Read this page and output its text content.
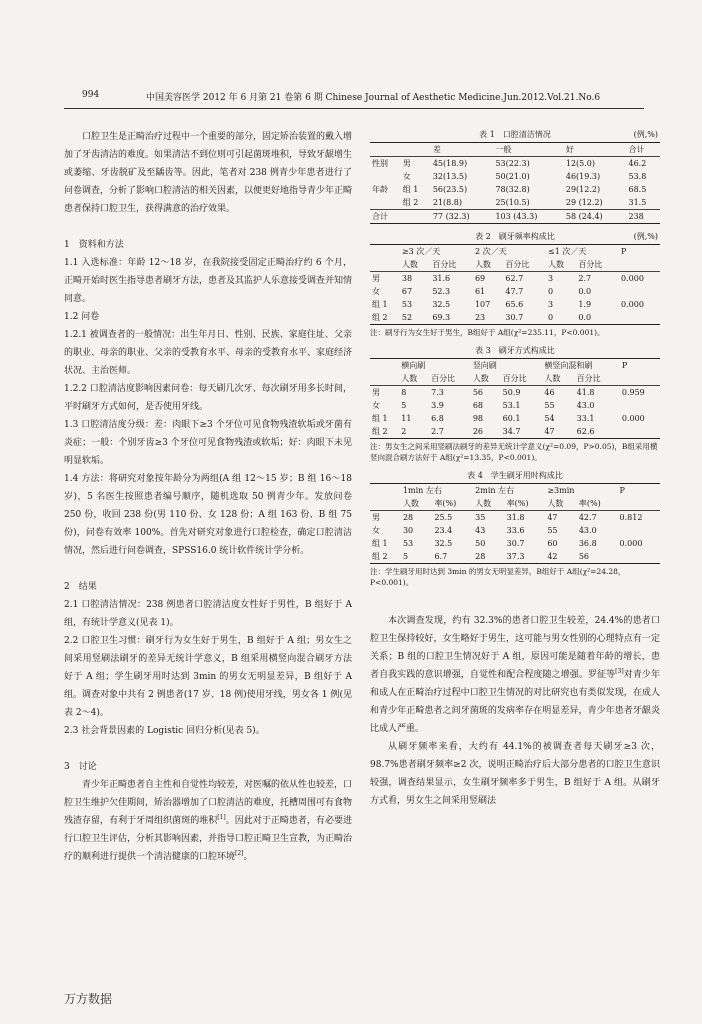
994	中国美容医学 2012 年 6 月第 21 卷第 6 期 Chinese Journal of Aesthetic Medicine.Jun.2012.Vol.21.No.6

口腔卫生是正畸治疗过程中一个重要的部分，固定矫治装置的戴入增加了牙齿清洁的难度。如果清洁不到位则可引起菌斑堆积，导致牙龈增生或萎缩、牙齿脱矿及至龋齿等。因此，笔者对 238 例青少年患者进行了问卷调查，分析了影响口腔清洁的相关因素，以便更好地指导青少年正畸患者保持口腔卫生，获得满意的治疗效果。

1　资料和方法

1.1 入选标准：年龄 12～18 岁，在我院接受固定正畸治疗约 6 个月，正畸开始时医生指导患者刷牙方法，患者及其监护人乐意接受调查并知情同意。

1.2 问卷

1.2.1 被调查者的一般情况：出生年月日、性别、民族、家庭住址、父亲的职业、母亲的职业、父亲的受教育水平、母亲的受教育水平、家庭经济状况、主治医师。

1.2.2 口腔清洁度影响因素问卷：每天刷几次牙、每次刷牙用多长时间，平时刷牙方式如何，是否使用牙线。

1.3 口腔清洁度分级：差：肉眼下≥3 个牙位可见食物残渣软垢或牙菌有炎症；一般：个别牙齿≥3 个牙位可见食物残渣或软垢；好：肉眼下未见明显软垢。

1.4 方法：将研究对象按年龄分为两组(A 组 12～15 岁；B 组 16～18 岁)，5 名医生按照患者编号顺序，随机选取 50 例青少年。发放问卷 250 份，收回 238 份(男 110 份、女 128 份；A 组 163 份、B 组 75 份)，问卷有效率 100%。首先对研究对象进行口腔检查，确定口腔清洁情况，然后进行问卷调查，SPSS16.0 统计软件统计学分析。

2　结果

2.1 口腔清洁情况：238 例患者口腔清洁度女性好于男性，B 组好于 A 组，有统计学意义(见表 1)。

2.2 口腔卫生习惯：刷牙行为女生好于男生，B 组好于 A 组；男女生之间采用竖刷法刷牙的差异无统计学意义，B 组采用横竖向混合刷牙方法好于 A 组；学生刷牙用时达到 3min 的男女无明显差异，B 组好于 A 组。调查对象中共有 2 例患者(17 岁、18 例)使用牙线，男女各 1 例(见表 2～4)。

2.3 社会背景因素的 Logistic 回归分析(见表 5)。

3　讨论

青少年正畸患者自主性和自觉性均较差，对医嘱的依从性也较差，口腔卫生维护欠佳期间，矫治器增加了口腔清洁的难度，托槽周围可有食物残渣存留，有利于牙周组织菌斑的堆积[1]。因此对于正畸患者，有必要进行口腔卫生评估，分析其影响因素，并指导口腔正畸卫生宣教，为正畸治疗的顺利进行提供一个清洁健康的口腔环境[2]。

表 1　口腔清洁情况	(例,%)
		差	一般	好	合计
性别	男	45(18.9)	53(22.3)	12(5.0)	46.2
	女	32(13.5)	50(21.0)	46(19.3)	53.8
年龄	组 1	56(23.5)	78(32.8)	29(12.2)	68.5
	组 2	21(8.8)	25(10.5)	29 (12.2)	31.5
合计		77 (32.3)	103 (43.3)	58 (24.4)	238
表 2　刷牙频率构成比	(例,%)
	≥3 次／天		2 次／天		≤1 次／天		P
	人数	百分比	人数	百分比	人数	百分比	
男	38	31.6	69	62.7	3	2.7	0.000
女	67	52.3	61	47.7	0	0.0	
组 1	53	32.5	107	65.6	3	1.9	0.000
组 2	52	69.3	23	30.7	0	0.0	
注：刷牙行为女生好于男生，B组好于 A组(χ²=235.11，P<0.001)。
表 3　刷牙方式构成比
	横向刷		竖向刷		横竖向混和刷		P
	人数	百分比	人数	百分比	人数	百分比	
男	8	7.3	56	50.9	46	41.8	0.959
女	5	3.9	68	53.1	55	43.0	
组 1	11	6.8	98	60.1	54	33.1	0.000
组 2	2	2.7	26	34.7	47	62.6	
注：男女生之间采用竖刷法刷牙的差异无统计学意义(χ²=0.09，P>0.05)，B组采用横竖向混合刷方法好于 A组(χ²=13.35，P<0.001)。
表 4　学生刷牙用时构成比
	1min 左右		2min 左右		≥3min		P
	人数	率(%)	人数	率(%)	人数	率(%)	
男	28	25.5	35	31.8	47	42.7	0.812
女	30	23.4	43	33.6	55	43.0	
组 1	53	32.5	50	30.7	60	36.8	0.000
组 2	5	6.7	28	37.3	42	56	
注：学生刷牙用时达到 3min 的男女无明显差异，B组好于 A组(χ²=24.28，P<0.001)。

本次调查发现，约有 32.3%的患者口腔卫生较差，24.4%的患者口腔卫生保持较好，女生略好于男生，这可能与男女性别的心理特点有一定关系；B 组的口腔卫生情况好于 A 组，原因可能是随着年龄的增长，患者自我实践的意识增强，自觉性和配合程度随之增强。罗征等[3]对青少年和成人在正畸治疗过程中口腔卫生情况的对比研究也有类似发现，在成人和青少年正畸患者之间牙菌斑的发病率存在明显差异，青少年患者牙龈炎比成人严重。

从刷牙频率来看，大约有 44.1%的被调查者每天刷牙≥3 次，98.7%患者刷牙频率≥2 次，说明正畸治疗后大部分患者的口腔卫生意识较强，调查结果显示，女生刷牙频率多于男生，B 组好于 A 组。从刷牙方式看，男女生之间采用竖刷法

万方数据
